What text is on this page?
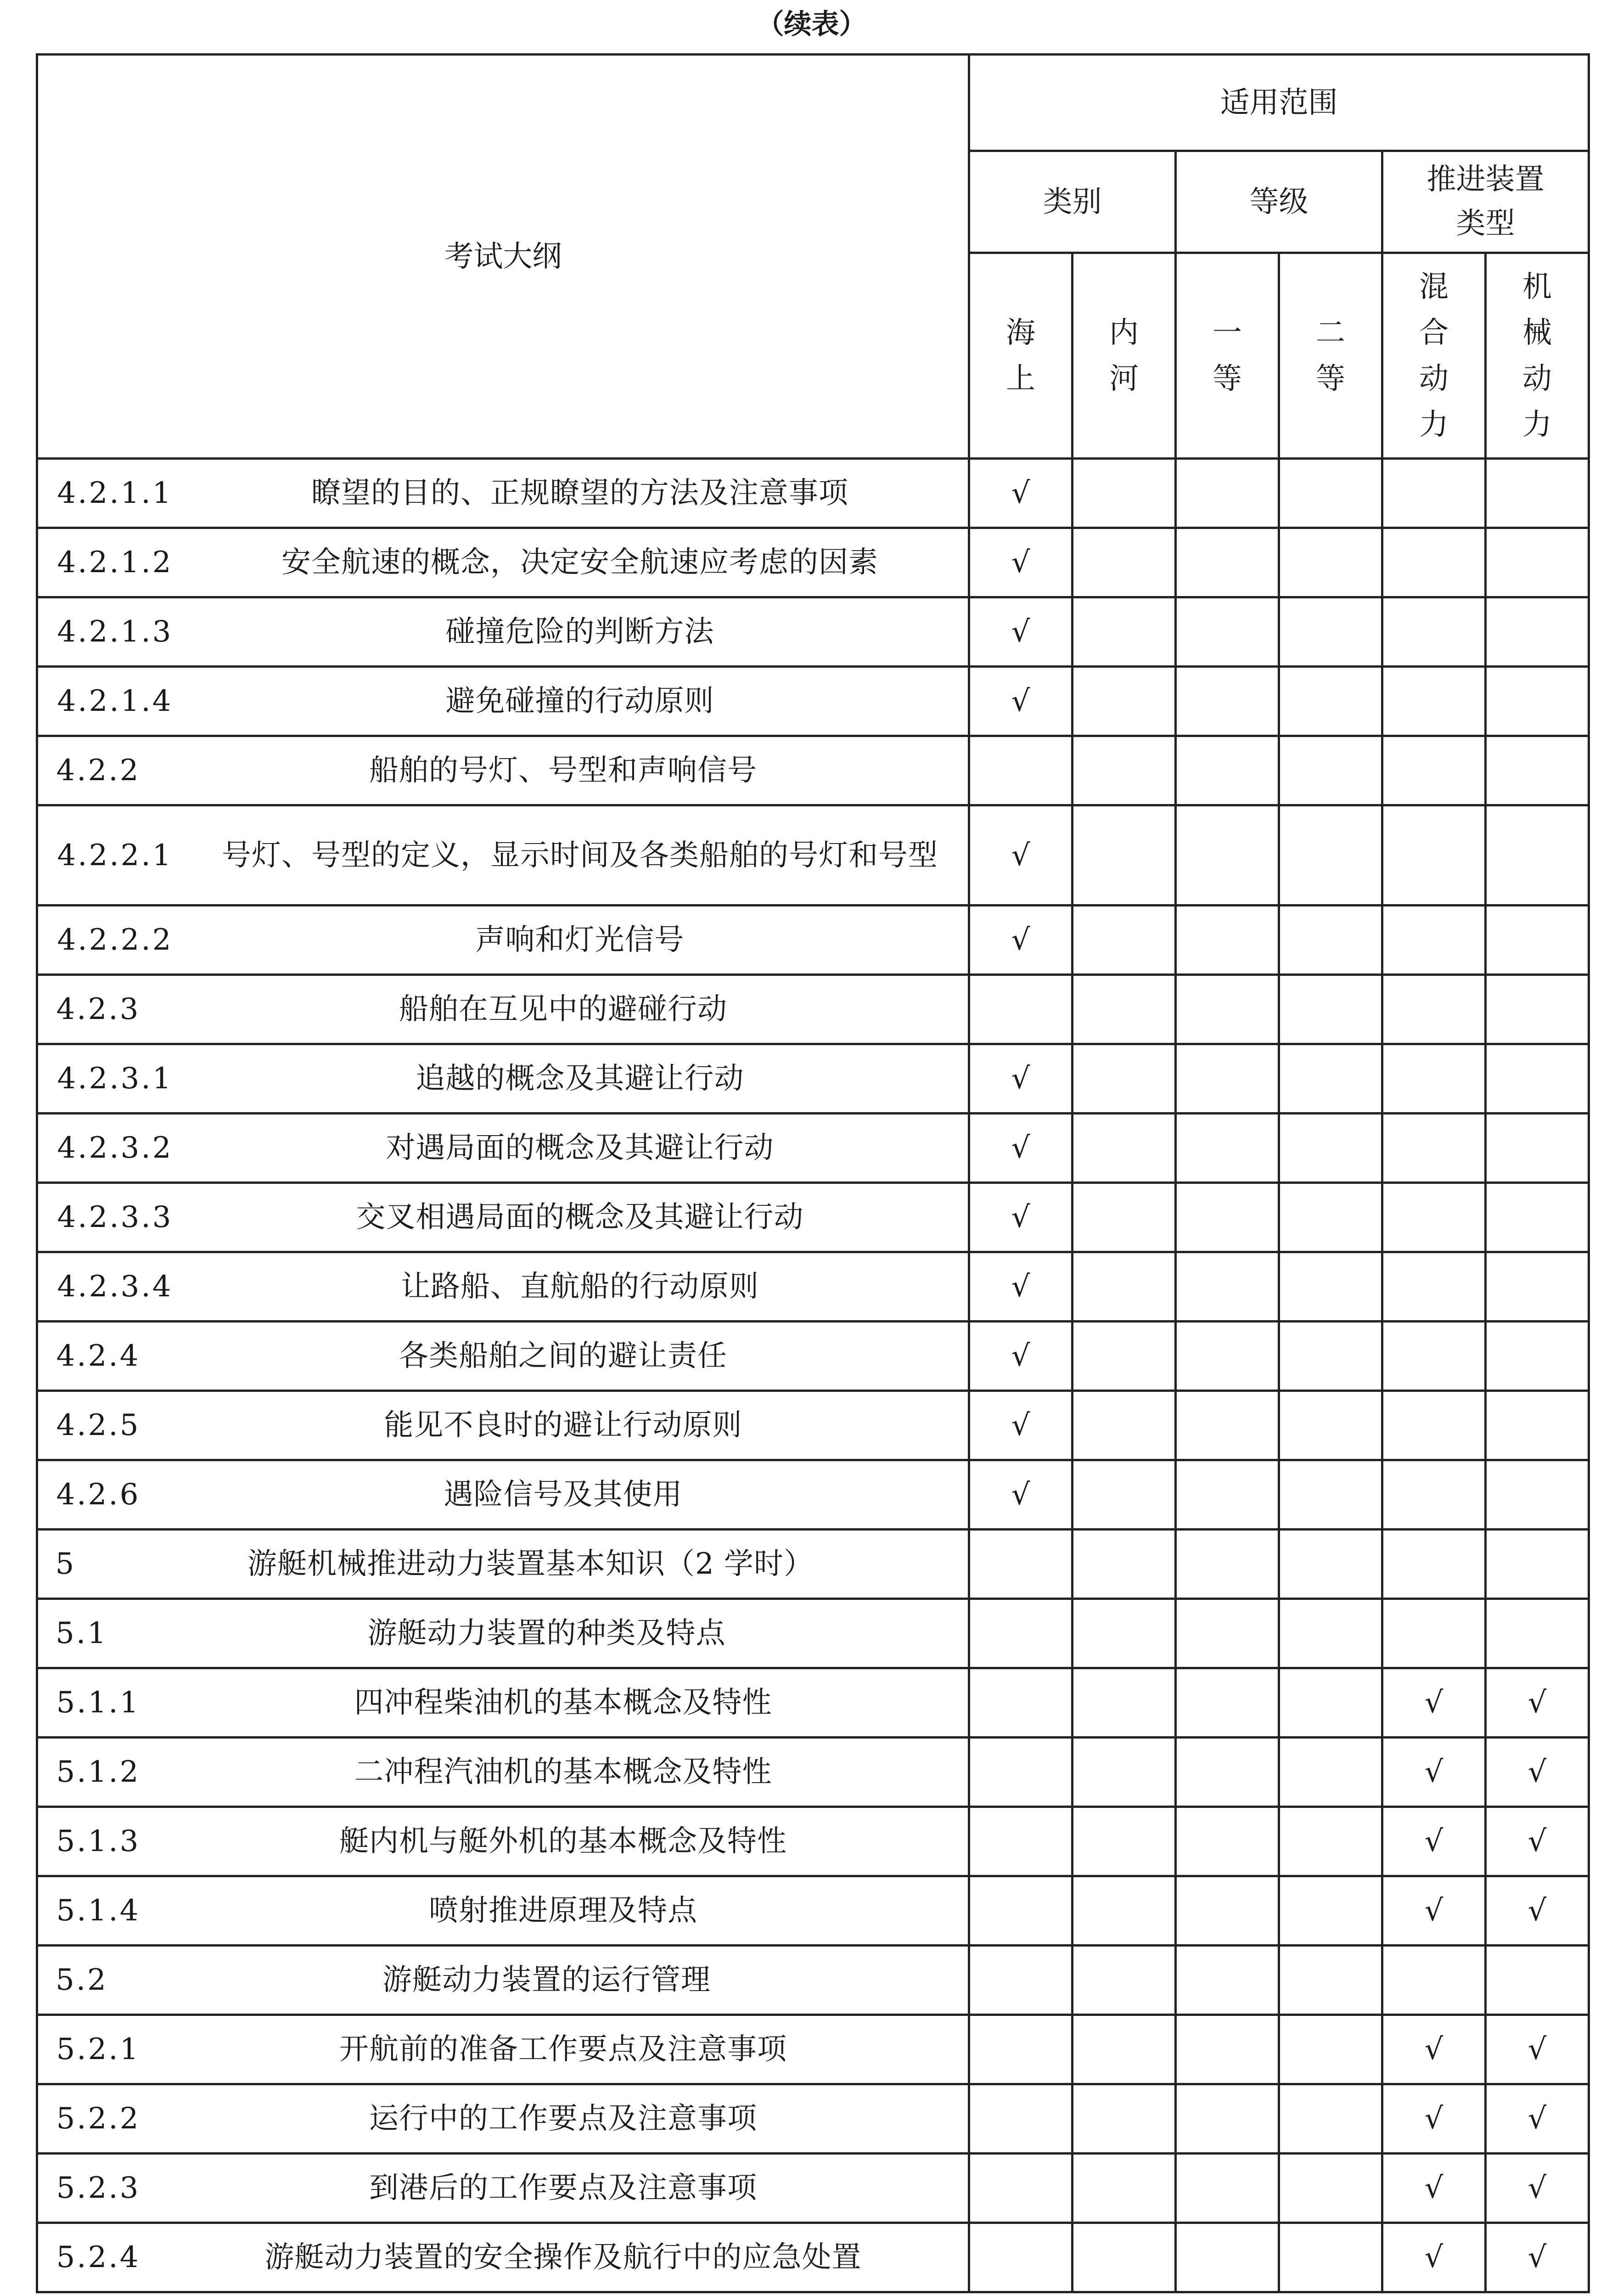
（续表）
考试大纲	适用范围					
	类别		等级		推进装置类型	
	海上	内河	一等	二等	混合动力	机械动力

4.2.1.1 瞭望的目的、正规瞭望的方法及注意事项	√					

4.2.1.2 安全航速的概念，决定安全航速应考虑的因素	√					

4.2.1.3 碰撞危险的判断方法	√					

4.2.1.4 避免碰撞的行动原则	√					

4.2.2 船舶的号灯、号型和声响信号						

4.2.2.1 号灯、号型的定义，显示时间及各类船舶的号灯和号型	√					

4.2.2.2 声响和灯光信号	√					

4.2.3 船舶在互见中的避碰行动						

4.2.3.1 追越的概念及其避让行动	√					

4.2.3.2 对遇局面的概念及其避让行动	√					

4.2.3.3 交叉相遇局面的概念及其避让行动	√					

4.2.3.4 让路船、直航船的行动原则	√					

4.2.4 各类船舶之间的避让责任	√					

4.2.5 能见不良时的避让行动原则	√					

4.2.6 遇险信号及其使用	√					

5 游艇机械推进动力装置基本知识（2 学时）						

5.1 游艇动力装置的种类及特点						

5.1.1 四冲程柴油机的基本概念及特性					√	√

5.1.2 二冲程汽油机的基本概念及特性					√	√

5.1.3 艇内机与艇外机的基本概念及特性					√	√

5.1.4 喷射推进原理及特点					√	√

5.2 游艇动力装置的运行管理						

5.2.1 开航前的准备工作要点及注意事项					√	√

5.2.2 运行中的工作要点及注意事项					√	√

5.2.3 到港后的工作要点及注意事项					√	√

5.2.4 游艇动力装置的安全操作及航行中的应急处置					√	√
